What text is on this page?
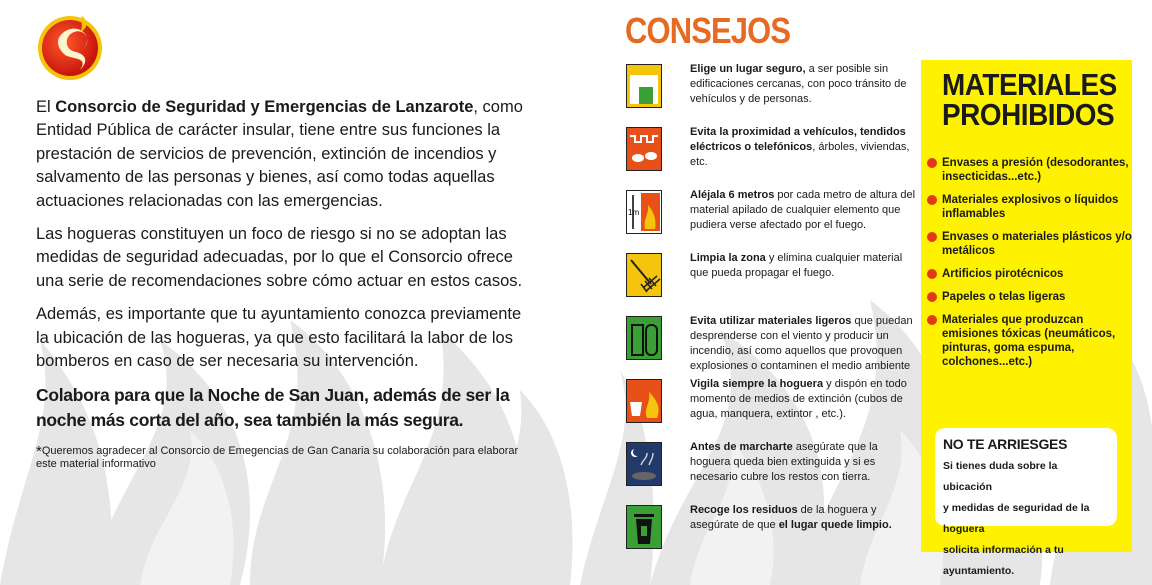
El Consorcio de Seguridad y Emergencias de Lanzarote, como Entidad Pública de carácter insular, tiene entre sus funciones la prestación de servicios de prevención, extinción de incendios y salvamento de las personas y bienes, así como todas aquellas actuaciones relacionadas con las emergencias.

Las hogueras constituyen un foco de riesgo si no se adoptan las medidas de seguridad adecuadas, por lo que el Consorcio ofrece una serie de recomendaciones sobre cómo actuar en estos casos.

Además, es importante que tu ayuntamiento conozca previamente la ubicación de las hogueras, ya que esto facilitará la labor de los bomberos en caso de ser necesaria su intervención.

Colabora para que la Noche de San Juan, además de ser la noche más corta del año, sea también la más segura.

*Queremos agradecer al Consorcio de Emegencias de Gan Canaria su colaboración para elaborar este material informativo
CONSEJOS
Elige un lugar seguro, a ser posible sin edificaciones cercanas, con poco tránsito de vehículos y de personas.
Evita la proximidad a vehículos, tendidos eléctricos o telefónicos, árboles, viviendas, etc.
1m
Aléjala 6 metros por cada metro de altura del material apilado de cualquier elemento que pudiera verse afectado por el fuego.
Limpia la zona y elimina cualquier material que pueda propagar el fuego.
Evita utilizar materiales ligeros que puedan desprenderse con el viento y producir un incendio, así como aquellos que provoquen explosiones o contaminen el medio ambiente
Vigila siempre la hoguera y dispón en todo momento de medios de extinción (cubos de agua, manquera, extintor , etc.).
Antes de marcharte asegúrate que la hoguera queda bien extinguida y si es necesario cubre los restos con tierra.
Recoge los residuos de la hoguera y asegúrate de que el lugar quede limpio.
MATERIALES
PROHIBIDOS
Envases a presión (desodorantes, insecticidas...etc.)
Materiales explosivos o líquidos inflamables
Envases o materiales plásticos y/o metálicos
Artificios pirotécnicos
Papeles o telas ligeras
Materiales que produzcan emisiones tóxicas (neumáticos, pinturas, goma espuma, colchones...etc.)
NO TE ARRIESGES
Si tienes duda sobre la ubicación
y medidas de seguridad de la hoguera
solicita información a tu ayuntamiento.
